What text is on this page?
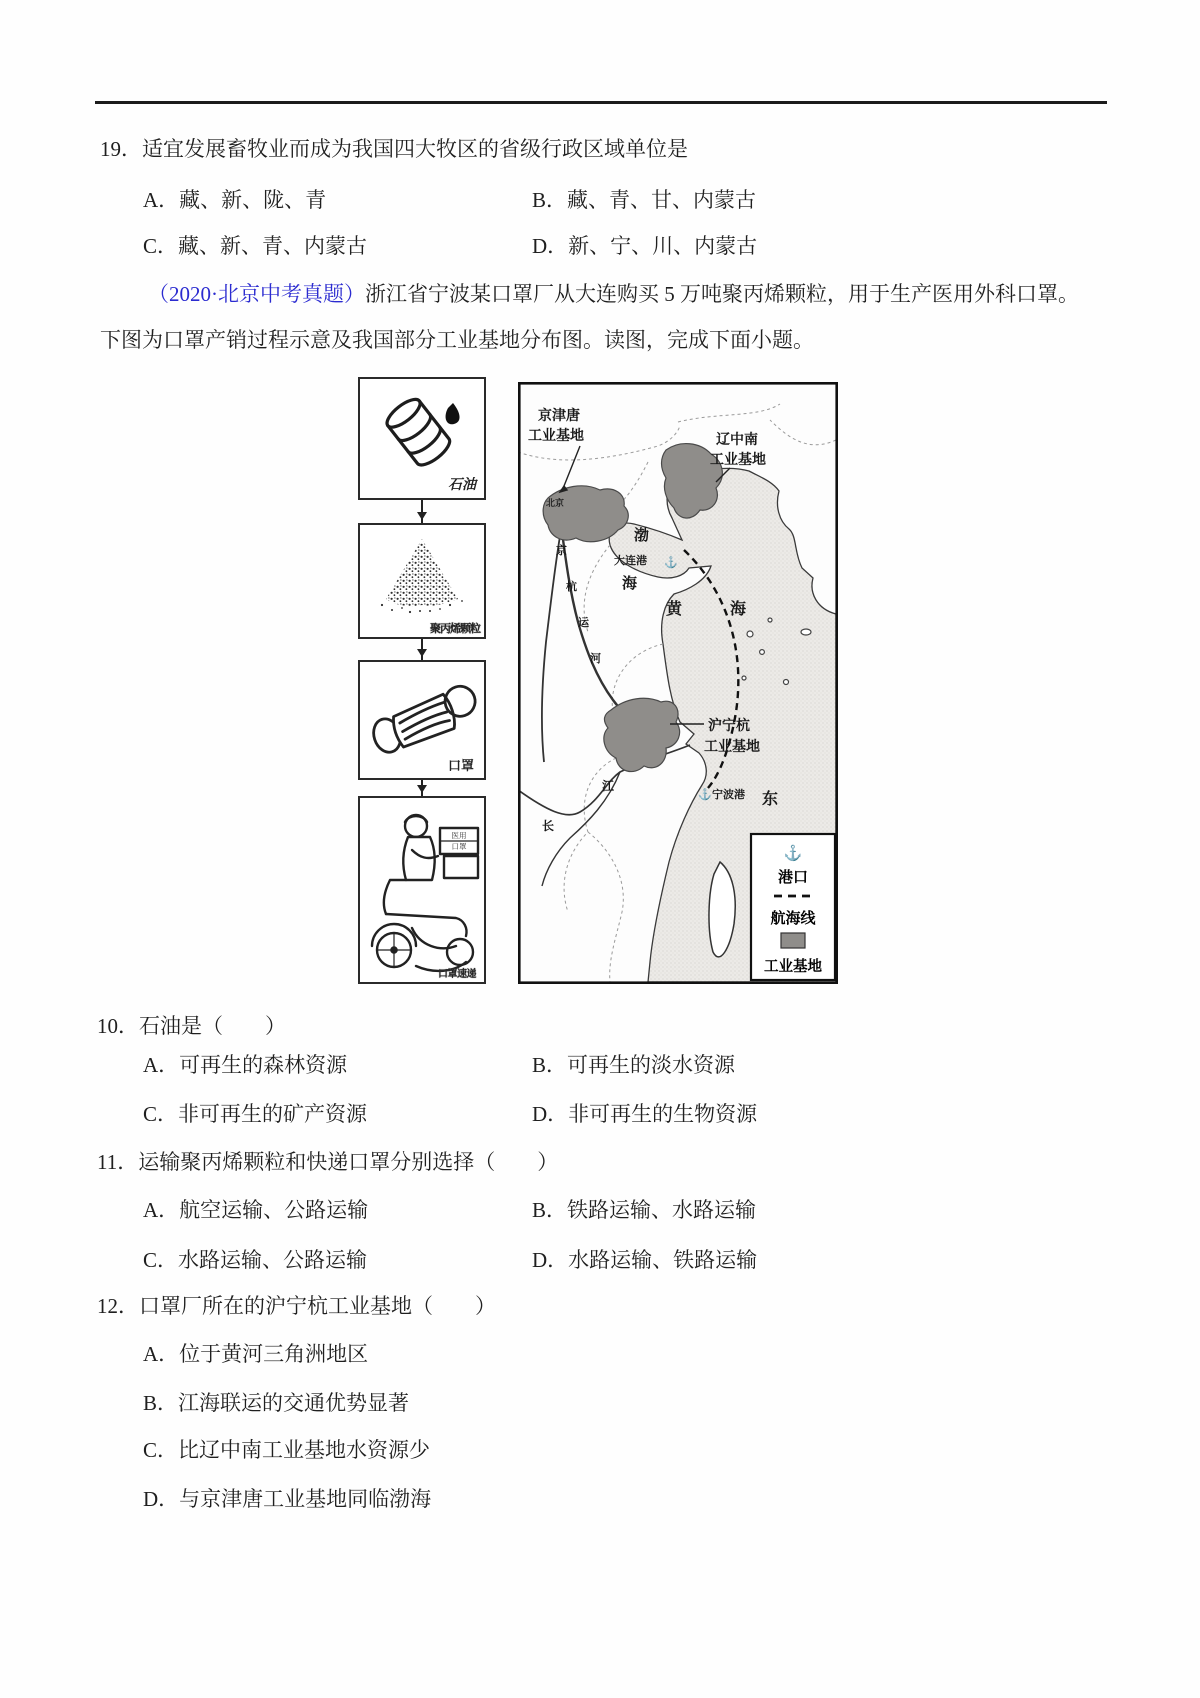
19．适宜发展畜牧业而成为我国四大牧区的省级行政区域单位是
A．藏、新、陇、青	B．藏、青、甘、内蒙古
C．藏、新、青、内蒙古	D．新、宁、川、内蒙古
（2020·北京中考真题）浙江省宁波某口罩厂从大连购买 5 万吨聚丙烯颗粒，用于生产医用外科口罩。
下图为口罩产销过程示意及我国部分工业基地分布图。读图，完成下面小题。
石油
聚丙烯颗粒
口罩
医用
口罩
口罩速递
京津唐
工业基地	辽中南
工业基地
沪宁杭
工业基地
渤
海
黄	海
东
大连港 ⚓
⚓ 宁波港
北京
京
杭
运
河
长
江
⚓
港口
航海线
工业基地
10．石油是（　　）
A．可再生的森林资源	B．可再生的淡水资源
C．非可再生的矿产资源	D．非可再生的生物资源
11．运输聚丙烯颗粒和快递口罩分别选择（　　）
A．航空运输、公路运输	B．铁路运输、水路运输
C．水路运输、公路运输	D．水路运输、铁路运输
12．口罩厂所在的沪宁杭工业基地（　　）
A．位于黄河三角洲地区
B．江海联运的交通优势显著
C．比辽中南工业基地水资源少
D．与京津唐工业基地同临渤海
